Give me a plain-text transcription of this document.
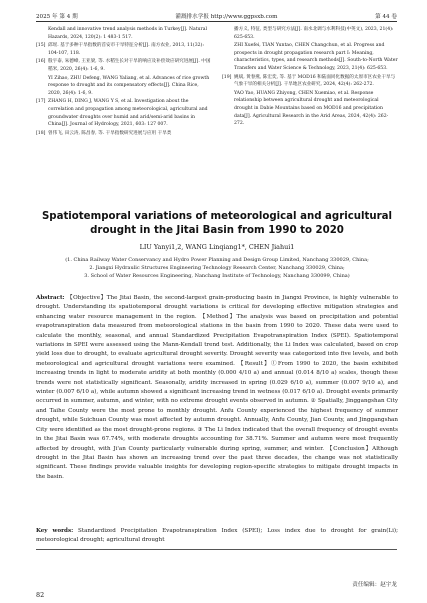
2025 年 第 4 期	灌溉排水学报 http://www.ggpsxb.com	第 44 卷
Kendall and innovative trend analysis methods in Turkey[J]. Natural Hazards, 2024, 120(2): 1 483-1 517.
[15] 邱瑶. 基于多种干旱指数的首安市干旱特征分析[J]. 南方农业, 2013, 11(32): 104-107, 118.
[16] 殷宇泰, 朱德峰, 王亚梁, 等. 水稻生长对干旱的响应及补偿效应研究进展[J]. 中国稻米, 2020, 26(4): 1-6, 9.
YI Zihao, ZHU Defeng, WANG Yaliang, et al. Advances of rice growth response to drought and its compensatory effects[J]. China Rice, 2020, 26(4): 1-6, 9.
[17] ZHANG H, DING J, WANG Y S, et al. Investigation about the correlation and propagation among meteorological, agricultural and groundwater droughts over humid and arid/semi-arid basins in China[J]. Journal of Hydrology, 2021, 603: 127 007.
[18] 曾伟飞, 田云涛, 陈昌春, 等. 干旱指数研究进展与应用 干旱类
播方义, 特征, 类型与研究方法[J]. 南水北调与水利科技(中英文), 2023, 21(4): 625-653.
ZHI Xuefei, TIAN Yuntao, CHEN Changchun, et al. Progress and prospects in drought propagation research part Ⅰ: Meaning, characteristics, types, and research methods[J]. South-to-North Water Transfers and Water Science & Technology, 2023, 21(4): 625-653.
[19] 姚斌, 黄春燕, 陈宏奕, 等. 基于 MOD16 和陆面同化数据的太原市区农业干旱与气象干旱的相关分析[J]. 干旱地区农业研究, 2024, 42(4): 262-272.
YAO Yao, HUANG Zhiyong, CHEN Xuemiao, et al. Response relationship between agricultural drought and meteorological drought in Dabie Mountains based on MOD16 and precipitation data[J]. Agricultural Research in the Arid Areas, 2024, 42(4): 262-272.
Spatiotemporal variations of meteorological and agricultural drought in the Jitai Basin from 1990 to 2020
LIU Yanyi1,2, WANG Linqiang1*, CHEN Jiahui1
(1. China Railway Water Conservancy and Hydro Power Planning and Design Group Limited, Nanchang 330029, China;
2. Jiangxi Hydraulic Structures Engineering Technology Research Center, Nanchang 330029, China;
3. School of Water Resources Engineering, Nanchang Institute of Technology, Nanchang 330099, China)
Abstract: 【Objective】The Jitai Basin, the second-largest grain-producing basin in Jiangxi Province, is highly vulnerable to drought. Understanding its spatiotemporal drought variations is critical for developing effective mitigation strategies and enhancing water resource management in the region. 【Method】The analysis was based on precipitation and potential evapotranspiration data measured from meteorological stations in the basin from 1990 to 2020. These data were used to calculate the monthly, seasonal, and annual Standardized Precipitation Evapotranspiration Index (SPEI). Spatiotemporal variations in SPEI were assessed using the Mann-Kendall trend test. Additionally, the Li Index was calculated, based on crop yield loss due to drought, to evaluate agricultural drought severity. Drought severity was categorized into five levels, and both meteorological and agricultural drought variations were examined. 【Result】①From 1990 to 2020, the basin exhibited increasing trends in light to moderate aridity at both monthly (0.000 4/10 a) and annual (0.014 8/10 a) scales, though these trends were not statistically significant. Seasonally, aridity increased in spring (0.029 6/10 a), summer (0.007 9/10 a), and winter (0.007 6/10 a), while autumn showed a significant increasing trend in wetness (0.017 6/10 a). Drought events primarily occurred in summer, autumn, and winter, with no extreme drought events observed in autumn. ② Spatially, Jinggangshan City and Taihe County were the most prone to monthly drought. Anfu County experienced the highest frequency of summer drought, while Suichuan County was most affected by autumn drought. Annually, Anfu County, Jian County, and Jinggangshan City were identified as the most drought-prone regions. ③ The Li Index indicated that the overall frequency of drought events in the Jitai Basin was 67.74%, with moderate droughts accounting for 38.71%. Summer and autumn were most frequently affected by drought, with Ji'an County particularly vulnerable during spring, summer, and winter. 【Conclusion】Although drought in the Jitai Basin has shown an increasing trend over the past three decades, the change was not statistically significant. These findings provide valuable insights for developing region-specific strategies to mitigate drought impacts in the basin.
Key words: Standardized Precipitation Evapotranspiration Index (SPEI); Loss index due to drought for grain(Li); meteorological drought; agricultural drought
责任编辑：赵宇龙
82
